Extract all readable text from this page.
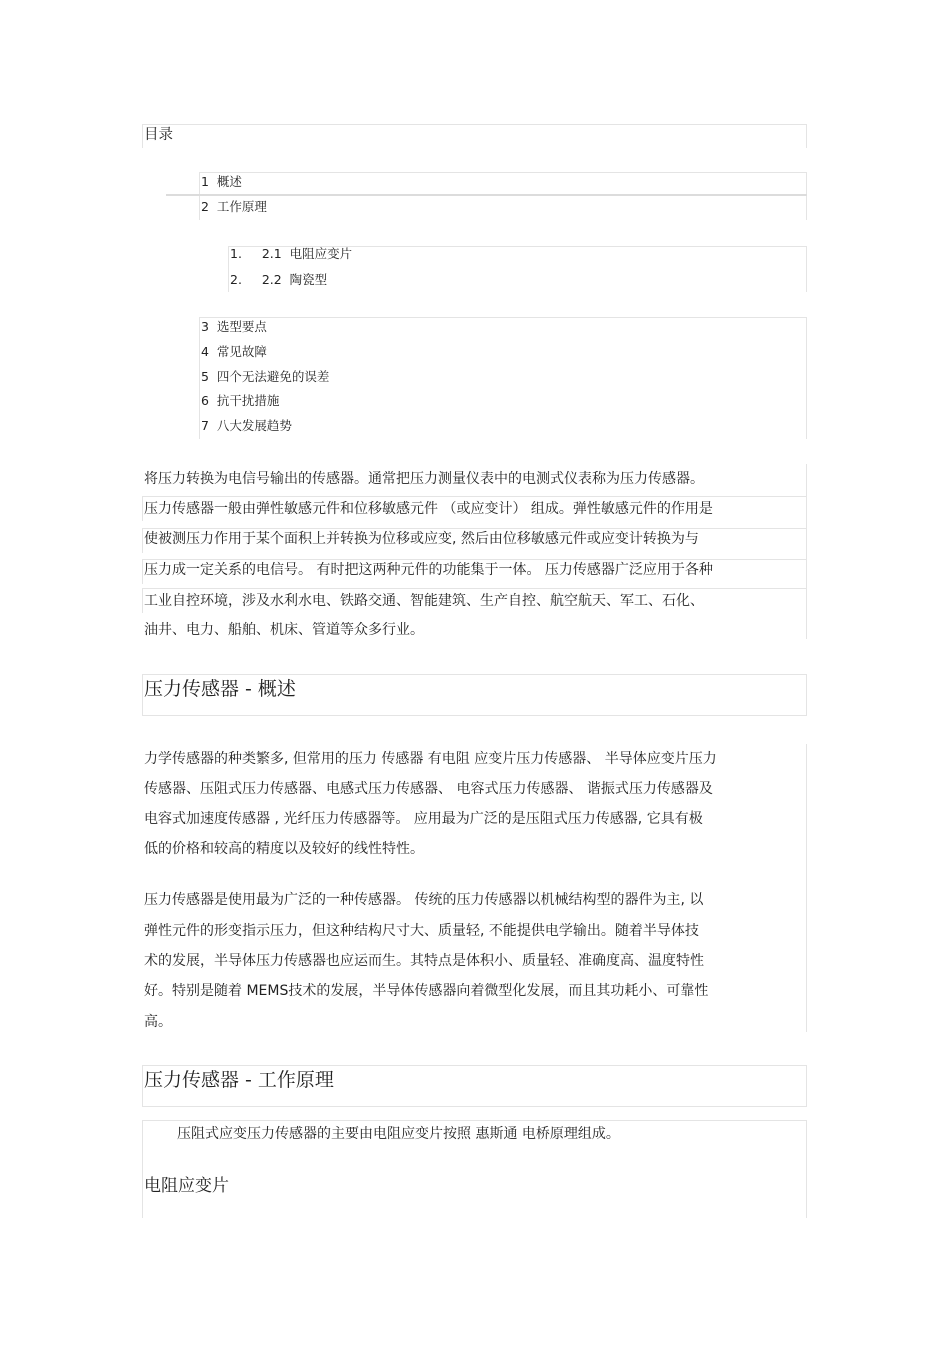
目录
1 概述
2 工作原理
1. 2.1 电阻应变片
2. 2.2 陶瓷型
3 选型要点
4 常见故障
5 四个无法避免的误差
6 抗干扰措施
7 八大发展趋势
将压力转换为电信号输出的传感器。通常把压力测量仪表中的电测式仪表称为压力传感器。
压力传感器一般由弹性敏感元件和位移敏感元件 （或应变计） 组成。弹性敏感元件的作用是
使被测压力作用于某个面积上并转换为位移或应变, 然后由位移敏感元件或应变计转换为与
压力成一定关系的电信号。 有时把这两种元件的功能集于一体。 压力传感器广泛应用于各种
工业自控环境，涉及水利水电、铁路交通、智能建筑、生产自控、航空航天、军工、石化、
油井、电力、船舶、机床、管道等众多行业。
压力传感器 - 概述
力学传感器的种类繁多, 但常用的压力 传感器 有电阻 应变片压力传感器、 半导体应变片压力
传感器、压阻式压力传感器、电感式压力传感器、 电容式压力传感器、 谐振式压力传感器及
电容式加速度传感器 , 光纤压力传感器等。 应用最为广泛的是压阻式压力传感器, 它具有极
低的价格和较高的精度以及较好的线性特性。
压力传感器是使用最为广泛的一种传感器。 传统的压力传感器以机械结构型的器件为主, 以
弹性元件的形变指示压力，但这种结构尺寸大、质量轻, 不能提供电学输出。随着半导体技
术的发展，半导体压力传感器也应运而生。其特点是体积小、质量轻、准确度高、温度特性
好。特别是随着 MEMS技术的发展，半导体传感器向着微型化发展，而且其功耗小、可靠性
高。
压力传感器 - 工作原理
压阻式应变压力传感器的主要由电阻应变片按照 惠斯通 电桥原理组成。
电阻应变片
